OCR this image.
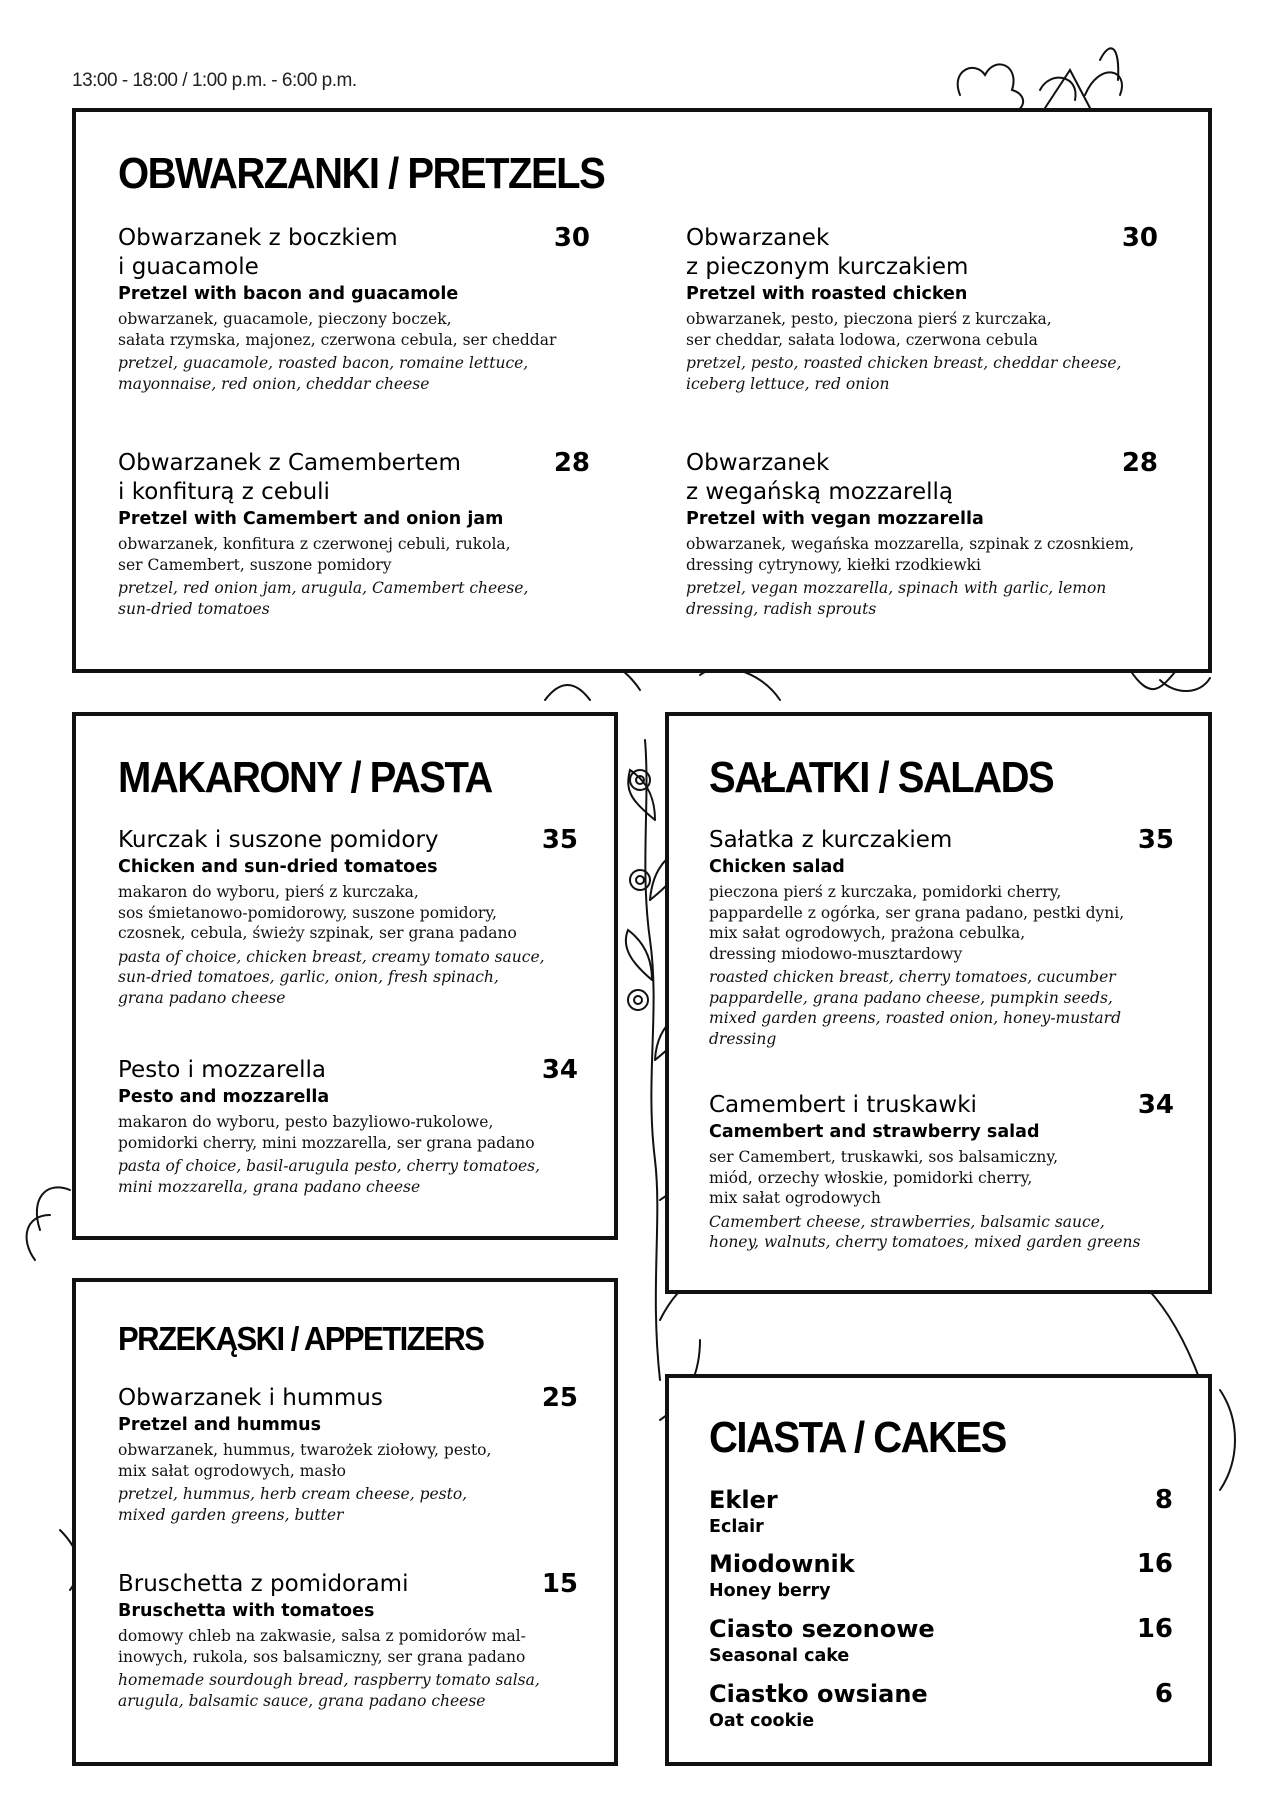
13:00 - 18:00 / 1:00 p.m. - 6:00 p.m.
OBWARZANKI / PRETZELS
Obwarzanek z boczkiem
i guacamole
30
Pretzel with bacon and guacamole
obwarzanek, guacamole, pieczony boczek,
sałata rzymska, majonez, czerwona cebula, ser cheddar
pretzel, guacamole, roasted bacon, romaine lettuce,
mayonnaise, red onion, cheddar cheese
Obwarzanek
z pieczonym kurczakiem
30
Pretzel with roasted chicken
obwarzanek, pesto, pieczona pierś z kurczaka,
ser cheddar, sałata lodowa, czerwona cebula
pretzel, pesto, roasted chicken breast, cheddar cheese,
iceberg lettuce, red onion
Obwarzanek z Camembertem
i konfiturą z cebuli
28
Pretzel with Camembert and onion jam
obwarzanek, konfitura z czerwonej cebuli, rukola,
ser Camembert, suszone pomidory
pretzel, red onion jam, arugula, Camembert cheese,
sun-dried tomatoes
Obwarzanek
z wegańską mozzarellą
28
Pretzel with vegan mozzarella
obwarzanek, wegańska mozzarella, szpinak z czosnkiem,
dressing cytrynowy, kiełki rzodkiewki
pretzel, vegan mozzarella, spinach with garlic, lemon
dressing, radish sprouts
MAKARONY / PASTA
Kurczak i suszone pomidory	35
Chicken and sun-dried tomatoes
makaron do wyboru, pierś z kurczaka,
sos śmietanowo-pomidorowy, suszone pomidory,
czosnek, cebula, świeży szpinak, ser grana padano
pasta of choice, chicken breast, creamy tomato sauce,
sun-dried tomatoes, garlic, onion, fresh spinach,
grana padano cheese
Pesto i mozzarella	34
Pesto and mozzarella
makaron do wyboru, pesto bazyliowo-rukolowe,
pomidorki cherry, mini mozzarella, ser grana padano
pasta of choice, basil-arugula pesto, cherry tomatoes,
mini mozzarella, grana padano cheese
SAŁATKI / SALADS
Sałatka z kurczakiem	35
Chicken salad
pieczona pierś z kurczaka, pomidorki cherry,
pappardelle z ogórka, ser grana padano, pestki dyni,
mix sałat ogrodowych, prażona cebulka,
dressing miodowo-musztardowy
roasted chicken breast, cherry tomatoes, cucumber
pappardelle, grana padano cheese, pumpkin seeds,
mixed garden greens, roasted onion, honey-mustard
dressing
Camembert i truskawki	34
Camembert and strawberry salad
ser Camembert, truskawki, sos balsamiczny,
miód, orzechy włoskie, pomidorki cherry,
mix sałat ogrodowych
Camembert cheese, strawberries, balsamic sauce,
honey, walnuts, cherry tomatoes, mixed garden greens
PRZEKĄSKI / APPETIZERS
Obwarzanek i hummus	25
Pretzel and hummus
obwarzanek, hummus, twarożek ziołowy, pesto,
mix sałat ogrodowych, masło
pretzel, hummus, herb cream cheese, pesto,
mixed garden greens, butter
Bruschetta z pomidorami	15
Bruschetta with tomatoes
domowy chleb na zakwasie, salsa z pomidorów mal-
inowych, rukola, sos balsamiczny, ser grana padano
homemade sourdough bread, raspberry tomato salsa,
arugula, balsamic sauce, grana padano cheese
CIASTA / CAKES
Ekler	8
Eclair
Miodownik	16
Honey berry
Ciasto sezonowe	16
Seasonal cake
Ciastko owsiane	6
Oat cookie
